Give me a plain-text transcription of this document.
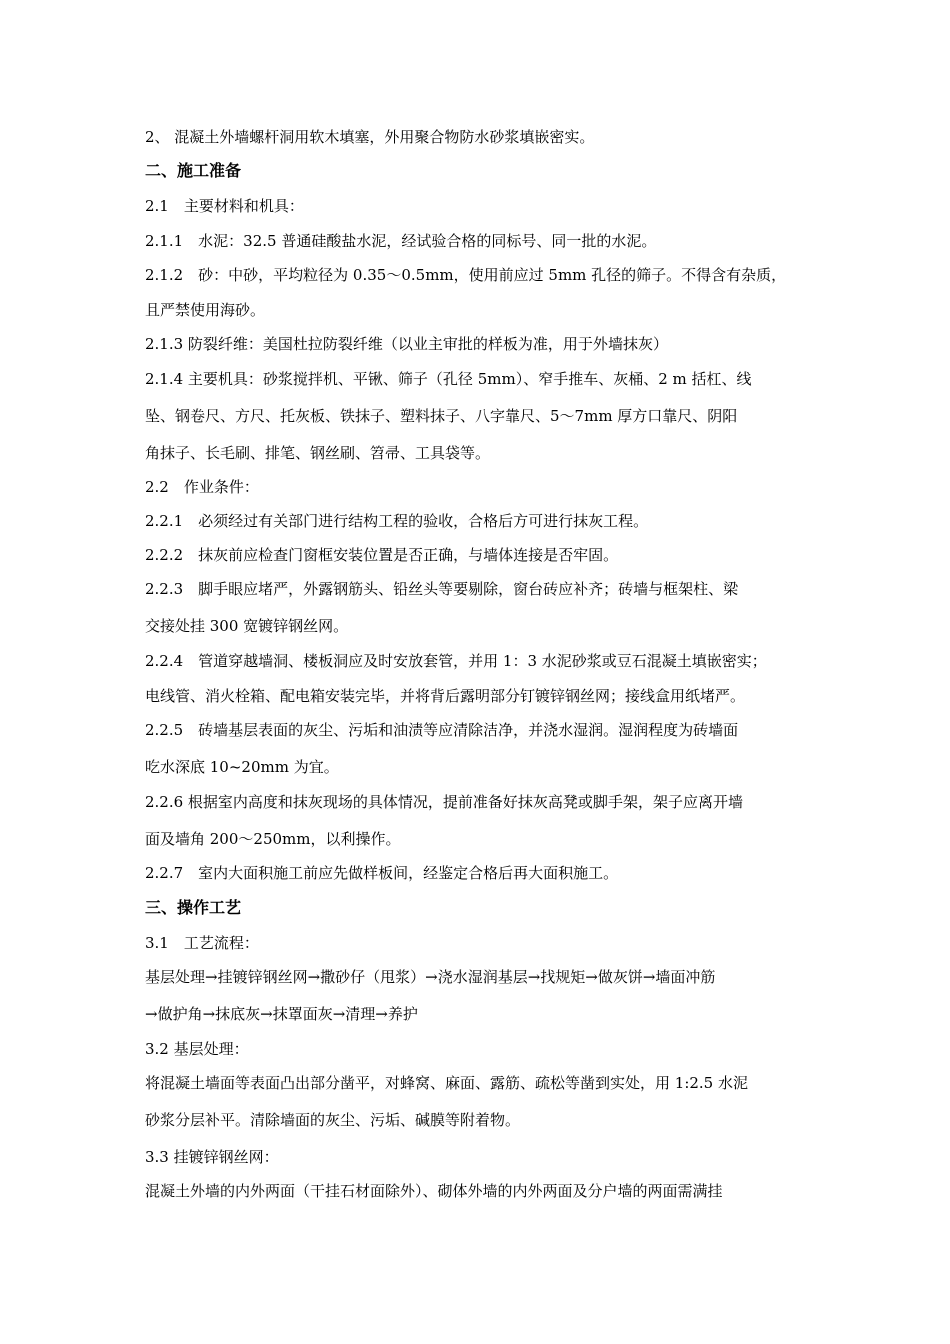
2、 混凝土外墙螺杆洞用软木填塞，外用聚合物防水砂浆填嵌密实。
二、施工准备
2.1　主要材料和机具：
2.1.1　水泥：32.5 普通硅酸盐水泥，经试验合格的同标号、同一批的水泥。
2.1.2　砂：中砂，平均粒径为 0.35～0.5mm，使用前应过 5mm 孔径的筛子。不得含有杂质，
且严禁使用海砂。
2.1.3 防裂纤维：美国杜拉防裂纤维（以业主审批的样板为准，用于外墙抹灰）
2.1.4 主要机具：砂浆搅拌机、平锹、筛子（孔径 5mm）、窄手推车、灰桶、2 m 括杠、线
坠、钢卷尺、方尺、托灰板、铁抹子、塑料抹子、八字靠尺、5～7mm 厚方口靠尺、阴阳
角抹子、长毛刷、排笔、钢丝刷、笤帚、工具袋等。
2.2　作业条件：
2.2.1　必须经过有关部门进行结构工程的验收，合格后方可进行抹灰工程。
2.2.2　抹灰前应检查门窗框安装位置是否正确，与墙体连接是否牢固。
2.2.3　脚手眼应堵严，外露钢筋头、铅丝头等要剔除，窗台砖应补齐；砖墙与框架柱、梁
交接处挂 300 宽镀锌钢丝网。
2.2.4　管道穿越墙洞、楼板洞应及时安放套管，并用 1：3 水泥砂浆或豆石混凝土填嵌密实；
电线管、消火栓箱、配电箱安装完毕，并将背后露明部分钉镀锌钢丝网；接线盒用纸堵严。
2.2.5　砖墙基层表面的灰尘、污垢和油渍等应清除洁净，并浇水湿润。湿润程度为砖墙面
吃水深底 10~20mm 为宜。
2.2.6 根据室内高度和抹灰现场的具体情况，提前准备好抹灰高凳或脚手架，架子应离开墙
面及墙角 200～250mm，以利操作。
2.2.7　室内大面积施工前应先做样板间，经鉴定合格后再大面积施工。
三、操作工艺
3.1　工艺流程：
基层处理→挂镀锌钢丝网→撒砂仔（甩浆）→浇水湿润基层→找规矩→做灰饼→墙面冲筋
→做护角→抹底灰→抹罩面灰→清理→养护
3.2 基层处理：
将混凝土墙面等表面凸出部分凿平，对蜂窝、麻面、露筋、疏松等凿到实处，用 1:2.5 水泥
砂浆分层补平。清除墙面的灰尘、污垢、碱膜等附着物。
3.3 挂镀锌钢丝网：
混凝土外墙的内外两面（干挂石材面除外）、砌体外墙的内外两面及分户墙的两面需满挂
